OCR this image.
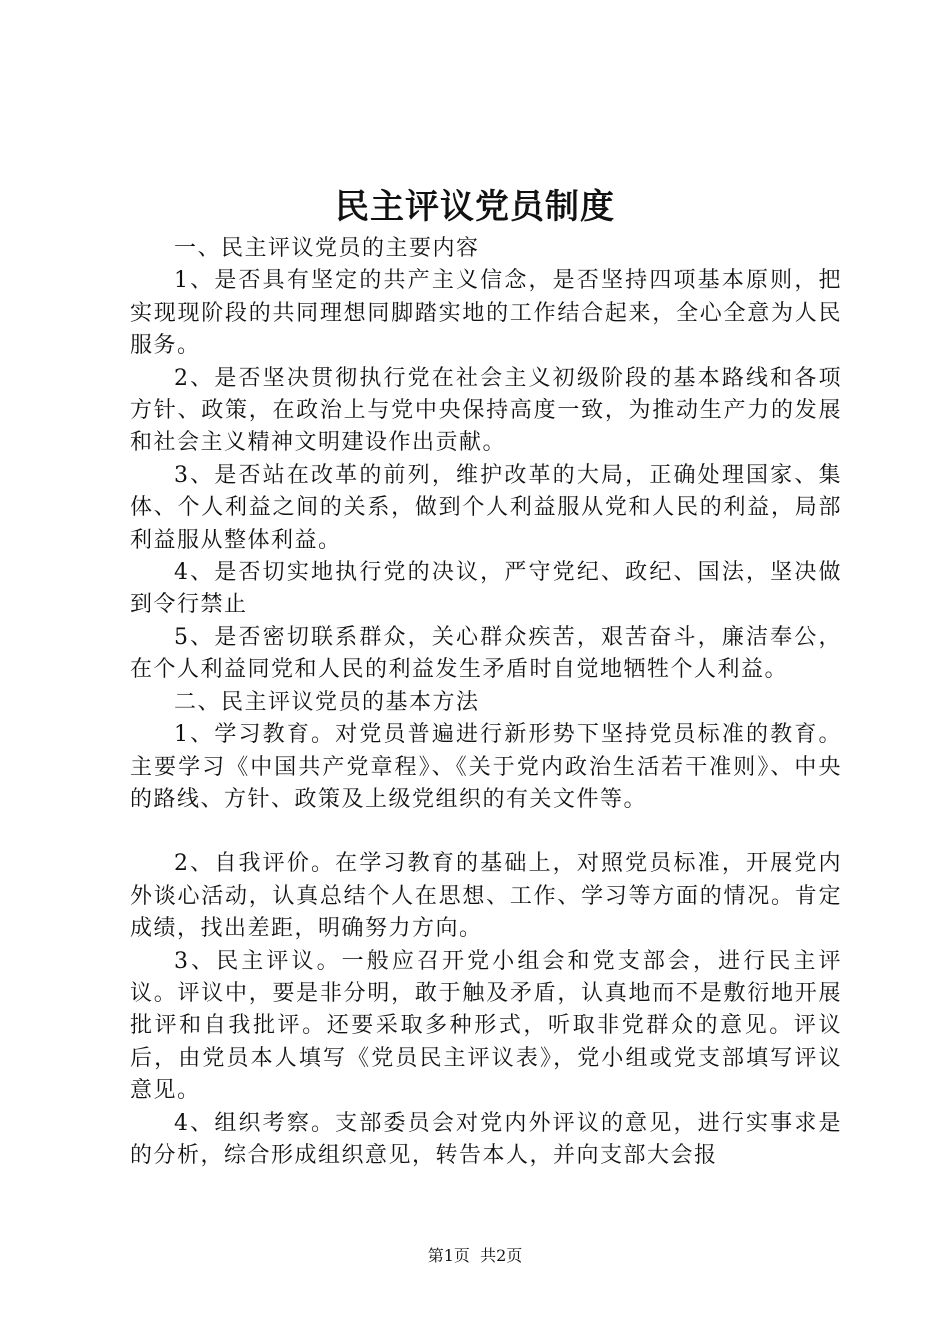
民主评议党员制度

一、民主评议党员的主要内容

1、是否具有坚定的共产主义信念，是否坚持四项基本原则，把实现现阶段的共同理想同脚踏实地的工作结合起来，全心全意为人民服务。

2、是否坚决贯彻执行党在社会主义初级阶段的基本路线和各项方针、政策，在政治上与党中央保持高度一致，为推动生产力的发展和社会主义精神文明建设作出贡献。

3、是否站在改革的前列，维护改革的大局，正确处理国家、集体、个人利益之间的关系，做到个人利益服从党和人民的利益，局部利益服从整体利益。

4、是否切实地执行党的决议，严守党纪、政纪、国法，坚决做到令行禁止

5、是否密切联系群众，关心群众疾苦，艰苦奋斗，廉洁奉公，在个人利益同党和人民的利益发生矛盾时自觉地牺牲个人利益。

二、民主评议党员的基本方法

1、学习教育。对党员普遍进行新形势下坚持党员标准的教育。主要学习《中国共产党章程》、《关于党内政治生活若干准则》、中央的路线、方针、政策及上级党组织的有关文件等。

2、自我评价。在学习教育的基础上，对照党员标准，开展党内外谈心活动，认真总结个人在思想、工作、学习等方面的情况。肯定成绩，找出差距，明确努力方向。

3、民主评议。一般应召开党小组会和党支部会，进行民主评议。评议中，要是非分明，敢于触及矛盾，认真地而不是敷衍地开展批评和自我批评。还要采取多种形式，听取非党群众的意见。评议后，由党员本人填写《党员民主评议表》，党小组或党支部填写评议意见。

4、组织考察。支部委员会对党内外评议的意见，进行实事求是的分析，综合形成组织意见，转告本人，并向支部大会报

第1页  共2页
